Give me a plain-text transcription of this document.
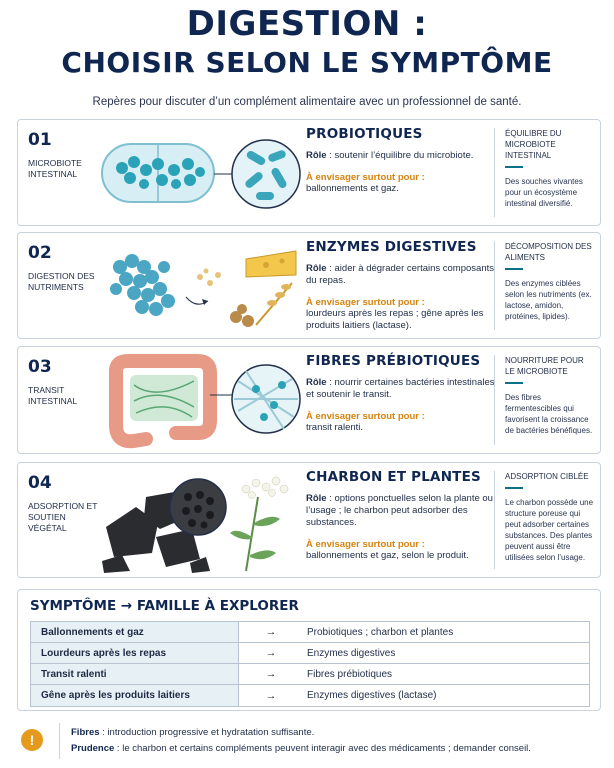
DIGESTION :
CHOISIR SELON LE SYMPTÔME
Repères pour discuter d’un complément alimentaire avec un professionnel de santé.
01
MICROBIOTE INTESTINAL
PROBIOTIQUES
Rôle : soutenir l’équilibre du microbiote.
À envisager surtout pour :
ballonnements et gaz.
ÉQUILIBRE DU MICROBIOTE INTESTINAL
Des souches vivantes pour un écosystème intestinal diversifié.
02
DIGESTION DES NUTRIMENTS
ENZYMES DIGESTIVES
Rôle : aider à dégrader certains composants du repas.
À envisager surtout pour :
lourdeurs après les repas ; gêne après les produits laitiers (lactase).
DÉCOMPOSITION DES ALIMENTS
Des enzymes ciblées selon les nutriments (ex. lactose, amidon, protéines, lipides).
03
TRANSIT INTESTINAL
FIBRES PRÉBIOTIQUES
Rôle : nourrir certaines bactéries intestinales et soutenir le transit.
À envisager surtout pour :
transit ralenti.
NOURRITURE POUR LE MICROBIOTE
Des fibres fermentescibles qui favorisent la croissance de bactéries bénéfiques.
04
ADSORPTION ET SOUTIEN VÉGÉTAL
CHARBON ET PLANTES
Rôle : options ponctuelles selon la plante ou l’usage ; le charbon peut adsorber des substances.
À envisager surtout pour :
ballonnements et gaz, selon le produit.
ADSORPTION CIBLÉE
Le charbon possède une structure poreuse qui peut adsorber certaines substances. Des plantes peuvent aussi être utilisées selon l’usage.
SYMPTÔME → FAMILLE À EXPLORER
Ballonnements et gaz	→	Probiotiques ; charbon et plantes
Lourdeurs après les repas	→	Enzymes digestives
Transit ralenti	→	Fibres prébiotiques
Gêne après les produits laitiers	→	Enzymes digestives (lactase)
!	Fibres : introduction progressive et hydratation suffisante.
Prudence : le charbon et certains compléments peuvent interagir avec des médicaments ; demander conseil.
